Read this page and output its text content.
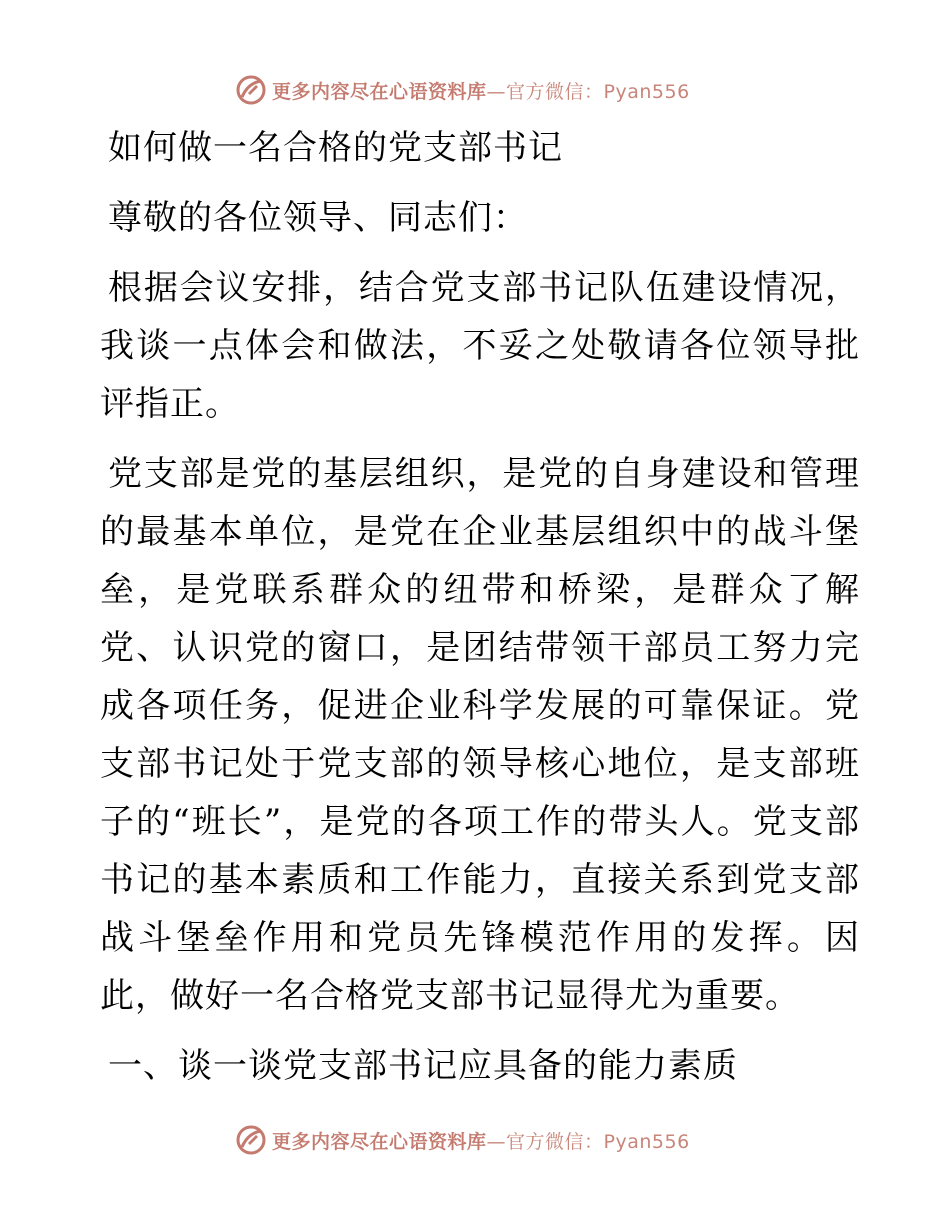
更多内容尽在心语资料库—官方微信：Pyan556

如何做一名合格的党支部书记

尊敬的各位领导、同志们：

根据会议安排，结合党支部书记队伍建设情况，我谈一点体会和做法，不妥之处敬请各位领导批评指正。

党支部是党的基层组织，是党的自身建设和管理的最基本单位，是党在企业基层组织中的战斗堡垒，是党联系群众的纽带和桥梁，是群众了解党、认识党的窗口，是团结带领干部员工努力完成各项任务，促进企业科学发展的可靠保证。党支部书记处于党支部的领导核心地位，是支部班子的“班长”，是党的各项工作的带头人。党支部书记的基本素质和工作能力，直接关系到党支部战斗堡垒作用和党员先锋模范作用的发挥。因此，做好一名合格党支部书记显得尤为重要。

一、谈一谈党支部书记应具备的能力素质

更多内容尽在心语资料库—官方微信：Pyan556
